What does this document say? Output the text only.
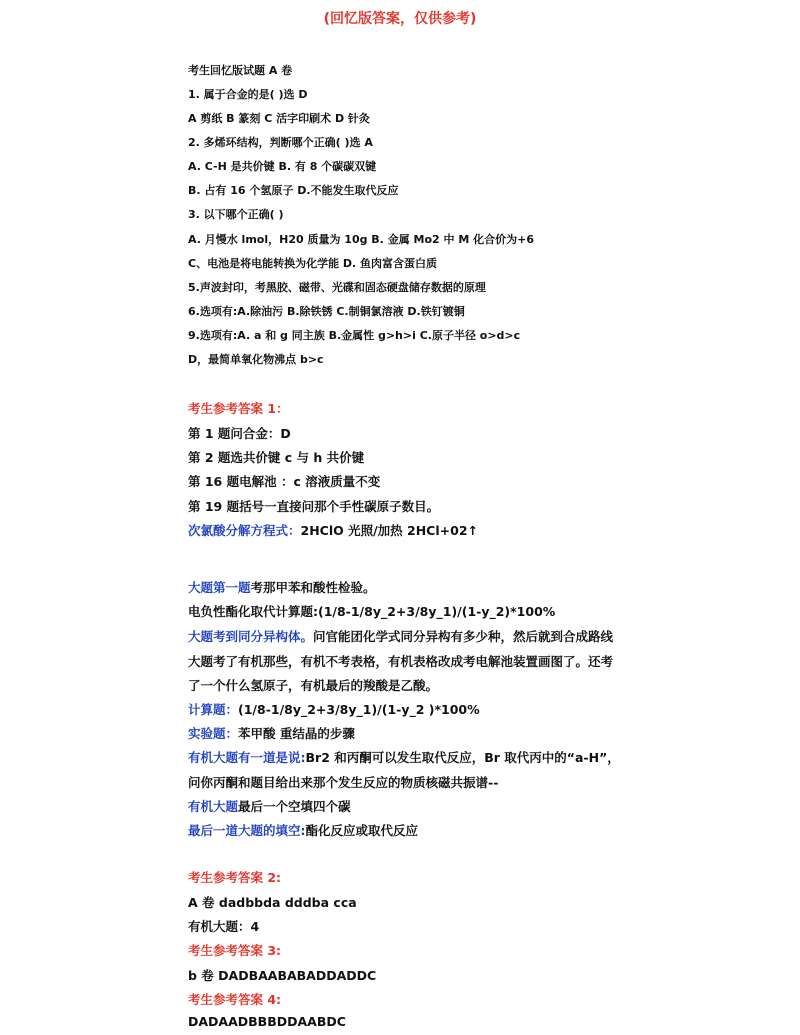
(回忆版答案，仅供参考)
考生回忆版试题 A 卷
1. 属于合金的是( )选 D
A 剪纸 B 篆刻 C 活字印刷术 D 针灸
2. 多烯环结构，判断哪个正确( )选 A
A. C-H 是共价键 B. 有 8 个碳碳双键
B. 占有 16 个氢原子 D.不能发生取代反应
3. 以下哪个正确( )
A. 月慢水 lmol，H20 质量为 10g B. 金属 Mo2 中 M 化合价为+6
C、电池是将电能转换为化学能 D. 鱼肉富含蛋白质
5.声波封印，考黑胶、磁带、光碟和固态硬盘储存数据的原理
6.选项有:A.除油污 B.除铁锈 C.制铜氯溶液 D.铁钉镀铜
9.选项有:A. a 和 g 同主族 B.金属性 g>h>i C.原子半径 o>d>c
D，最简单氧化物沸点 b>c
考生参考答案 1：
第 1 题问合金：D
第 2 题选共价键 c 与 h 共价键
第 16 题电解池 ：c 溶液质量不变
第 19 题括号一直接问那个手性碳原子数目。
次氯酸分解方程式：2HClO 光照/加热 2HCl+02↑
大题第一题考那甲苯和酸性检验。
电负性酯化取代计算题:(1/8-1/8y_2+3/8y_1)/(1-y_2)*100%
大题考到同分异构体。问官能团化学式同分异构有多少种，然后就到合成路线
大题考了有机那些，有机不考表格，有机表格改成考电解池装置画图了。还考
了一个什么氢原子，有机最后的羧酸是乙酸。
计算题：(1/8-1/8y_2+3/8y_1)/(1-y_2 )*100%
实验题：苯甲酸 重结晶的步骤
有机大题有一道是说:Br2 和丙酮可以发生取代反应，Br 取代丙中的“a-H”，
问你丙酮和题目给出来那个发生反应的物质核磁共振谱--
有机大题最后一个空填四个碳
最后一道大题的填空:酯化反应或取代反应
考生参考答案 2:
A 卷 dadbbda dddba cca
有机大题：4
考生参考答案 3:
b 卷 DADBAABABADDADDC
考生参考答案 4:
DADAADBBBDDAABDC
